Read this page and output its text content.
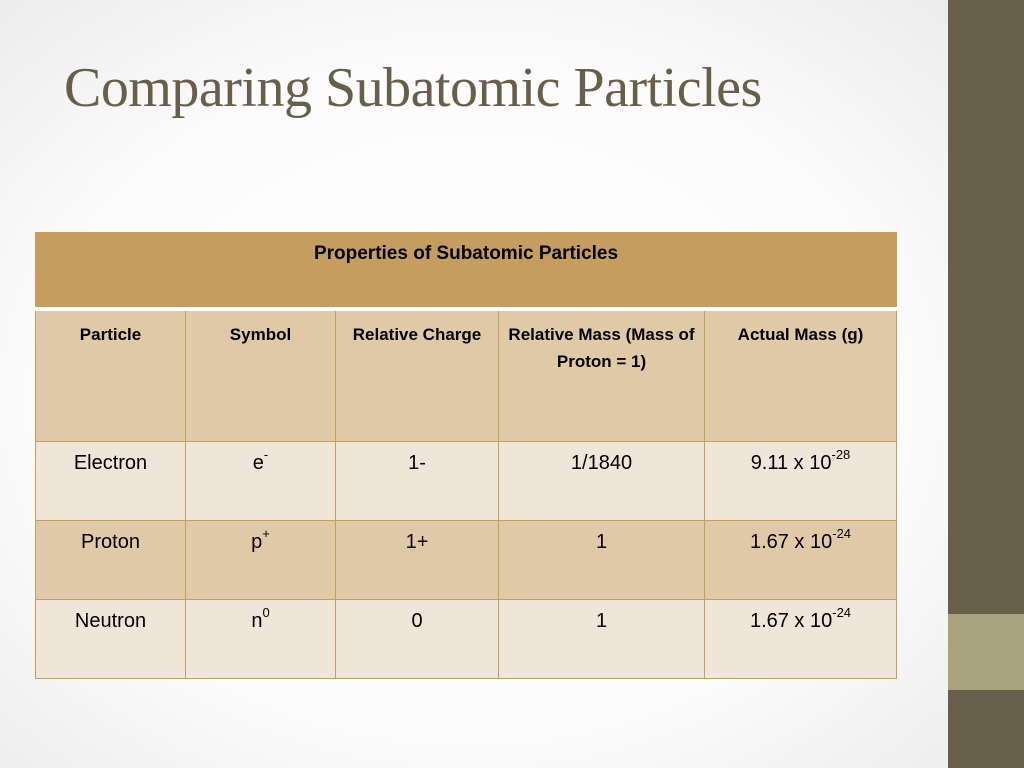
Comparing Subatomic Particles
Properties of Subatomic Particles				
Particle	Symbol	Relative Charge	Relative Mass (Mass of Proton = 1)	Actual Mass (g)
Electron	e-	1-	1/1840	9.11 x $10^{-28}$
Proton	p+	1+	1	1.67 x $10^{-24}$
Neutron	$n^0$	0	1	1.67 x $10^{-24}$
